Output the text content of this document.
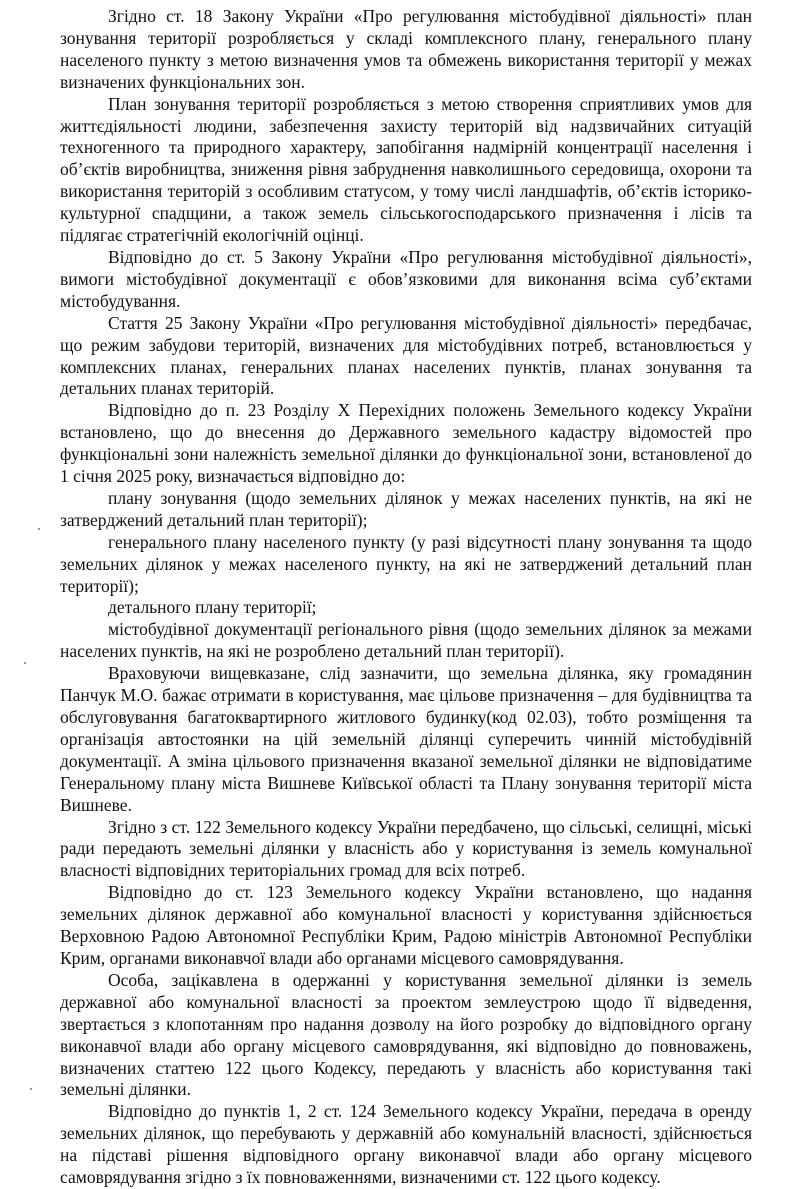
Згідно ст. 18 Закону України «Про регулювання містобудівної діяльності» план зонування території розробляється у складі комплексного плану, генерального плану населеного пункту з метою визначення умов та обмежень використання території у межах визначених функціональних зон.

План зонування території розробляється з метою створення сприятливих умов для життєдіяльності людини, забезпечення захисту територій від надзвичайних ситуацій техногенного та природного характеру, запобігання надмірній концентрації населення і об’єктів виробництва, зниження рівня забруднення навколишнього середовища, охорони та використання територій з особливим статусом, у тому числі ландшафтів, об’єктів історико-культурної спадщини, а також земель сільськогосподарського призначення і лісів та підлягає стратегічній екологічній оцінці.

Відповідно до ст. 5 Закону України «Про регулювання містобудівної діяльності», вимоги містобудівної документації є обов’язковими для виконання всіма суб’єктами містобудування.

Стаття 25 Закону України «Про регулювання містобудівної діяльності» передбачає, що режим забудови територій, визначених для містобудівних потреб, встановлюється у комплексних планах, генеральних планах населених пунктів, планах зонування та детальних планах територій.

Відповідно до п. 23 Розділу X Перехідних положень Земельного кодексу України встановлено, що до внесення до Державного земельного кадастру відомостей про функціональні зони належність земельної ділянки до функціональної зони, встановленої до 1 січня 2025 року, визначається відповідно до:

плану зонування (щодо земельних ділянок у межах населених пунктів, на які не затверджений детальний план території);

генерального плану населеного пункту (у разі відсутності плану зонування та щодо земельних ділянок у межах населеного пункту, на які не затверджений детальний план території);

детального плану території;

містобудівної документації регіонального рівня (щодо земельних ділянок за межами населених пунктів, на які не розроблено детальний план території).

Враховуючи вищевказане, слід зазначити, що земельна ділянка, яку громадянин Панчук М.О. бажає отримати в користування, має цільове призначення – для будівництва та обслуговування багатоквартирного житлового будинку(код 02.03), тобто розміщення та організація автостоянки на цій земельній ділянці суперечить чинній містобудівній документації. А зміна цільового призначення вказаної земельної ділянки не відповідатиме Генеральному плану міста Вишневе Київської області та Плану зонування території міста Вишневе.

Згідно з ст. 122 Земельного кодексу України передбачено, що сільські, селищні, міські ради передають земельні ділянки у власність або у користування із земель комунальної власності відповідних територіальних громад для всіх потреб.

Відповідно до ст. 123 Земельного кодексу України встановлено, що надання земельних ділянок державної або комунальної власності у користування здійснюється Верховною Радою Автономної Республіки Крим, Радою міністрів Автономної Республіки Крим, органами виконавчої влади або органами місцевого самоврядування.

Особа, зацікавлена в одержанні у користування земельної ділянки із земель державної або комунальної власності за проектом землеустрою щодо її відведення, звертається з клопотанням про надання дозволу на його розробку до відповідного органу виконавчої влади або органу місцевого самоврядування, які відповідно до повноважень, визначених статтею 122 цього Кодексу, передають у власність або користування такі земельні ділянки.

Відповідно до пунктів 1, 2 ст. 124 Земельного кодексу України, передача в оренду земельних ділянок, що перебувають у державній або комунальній власності, здійснюється на підставі рішення відповідного органу виконавчої влади або органу місцевого самоврядування згідно з їх повноваженнями, визначеними ст. 122 цього кодексу.
